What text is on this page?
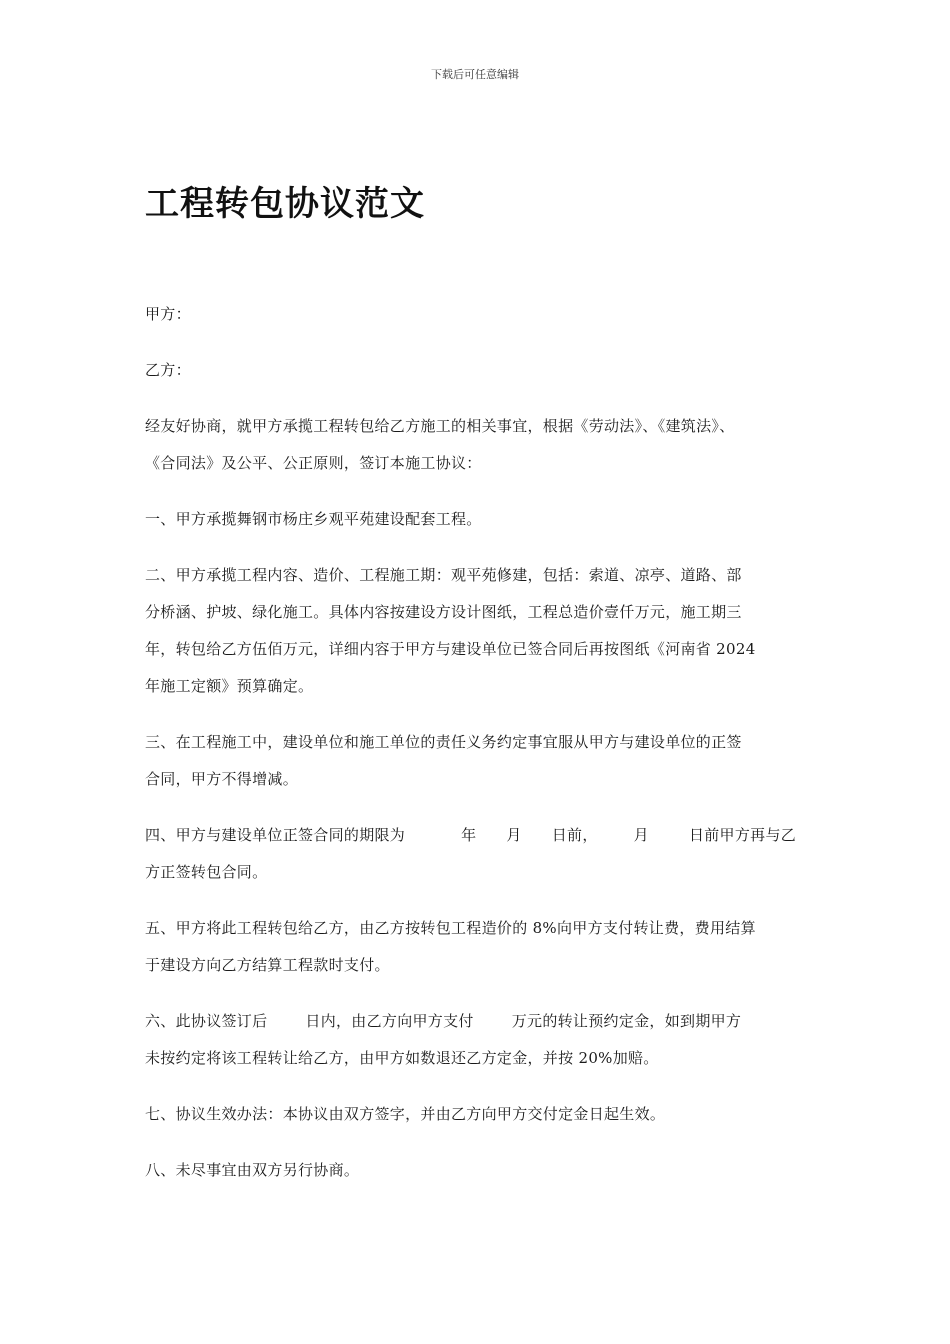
下载后可任意编辑
工程转包协议范文

甲方：

乙方：

经友好协商，就甲方承揽工程转包给乙方施工的相关事宜，根据《劳动法》、《建筑法》、
《合同法》及公平、公正原则，签订本施工协议：

一、甲方承揽舞钢市杨庄乡观平苑建设配套工程。

二、甲方承揽工程内容、造价、工程施工期：观平苑修建，包括：索道、凉亭、道路、部
分桥涵、护坡、绿化施工。具体内容按建设方设计图纸，工程总造价壹仟万元，施工期三
年，转包给乙方伍佰万元，详细内容于甲方与建设单位已签合同后再按图纸《河南省 2024
年施工定额》预算确定。

三、在工程施工中，建设单位和施工单位的责任义务约定事宜服从甲方与建设单位的正签
合同，甲方不得增减。

四、甲方与建设单位正签合同的期限为	年 月 日前， 月	日前甲方再与乙
方正签转包合同。

五、甲方将此工程转包给乙方，由乙方按转包工程造价的 8%向甲方支付转让费，费用结算
于建设方向乙方结算工程款时支付。

六、此协议签订后	日内，由乙方向甲方支付	万元的转让预约定金，如到期甲方
未按约定将该工程转让给乙方，由甲方如数退还乙方定金，并按 20%加赔。

七、协议生效办法：本协议由双方签字，并由乙方向甲方交付定金日起生效。

八、未尽事宜由双方另行协商。
